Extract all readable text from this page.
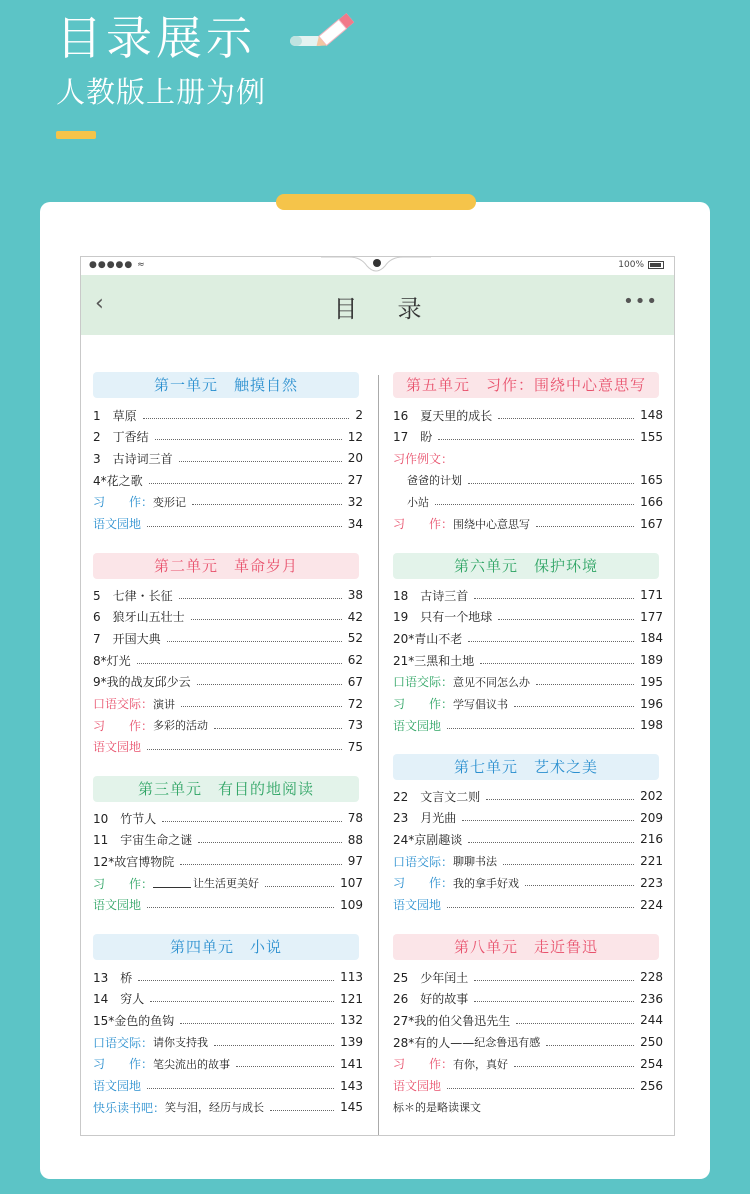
目录展示
人教版上册为例
●●●●● ≈	100%
‹	目录	•••
第一单元　触摸自然
1　草原	2
2　丁香结	12
3　古诗词三首	20
4*花之歌	27
习　　作： 变形记	32
语文园地	34
第二单元　革命岁月
5　七律・长征	38
6　狼牙山五壮士	42
7　开国大典	52
8*灯光	62
9*我的战友邱少云	67
口语交际： 演讲	72
习　　作： 多彩的活动	73
语文园地	75
第三单元　有目的地阅读
10　竹节人	78
11　宇宙生命之谜	88
12*故宫博物院	97
习　　作：	让生活更美好	107
语文园地	109
第四单元　小说
13　桥	113
14　穷人	121
15*金色的鱼钩	132
口语交际： 请你支持我	139
习　　作： 笔尖流出的故事	141
语文园地	143
快乐读书吧： 笑与泪，经历与成长	145
第五单元　习作：围绕中心意思写
16　夏天里的成长	148
17　盼	155
习作例文：
爸爸的计划	165
小站	166
习　　作： 围绕中心意思写	167
第六单元　保护环境
18　古诗三首	171
19　只有一个地球	177
20*青山不老	184
21*三黑和土地	189
口语交际： 意见不同怎么办	195
习　　作： 学写倡议书	196
语文园地	198
第七单元　艺术之美
22　文言文二则	202
23　月光曲	209
24*京剧趣谈	216
口语交际： 聊聊书法	221
习　　作： 我的拿手好戏	223
语文园地	224
第八单元　走近鲁迅
25　少年闰土	228
26　好的故事	236
27*我的伯父鲁迅先生	244
28*有的人—— 纪念鲁迅有感	250
习　　作： 有你，真好	254
语文园地	256
标＊的是略读课文
